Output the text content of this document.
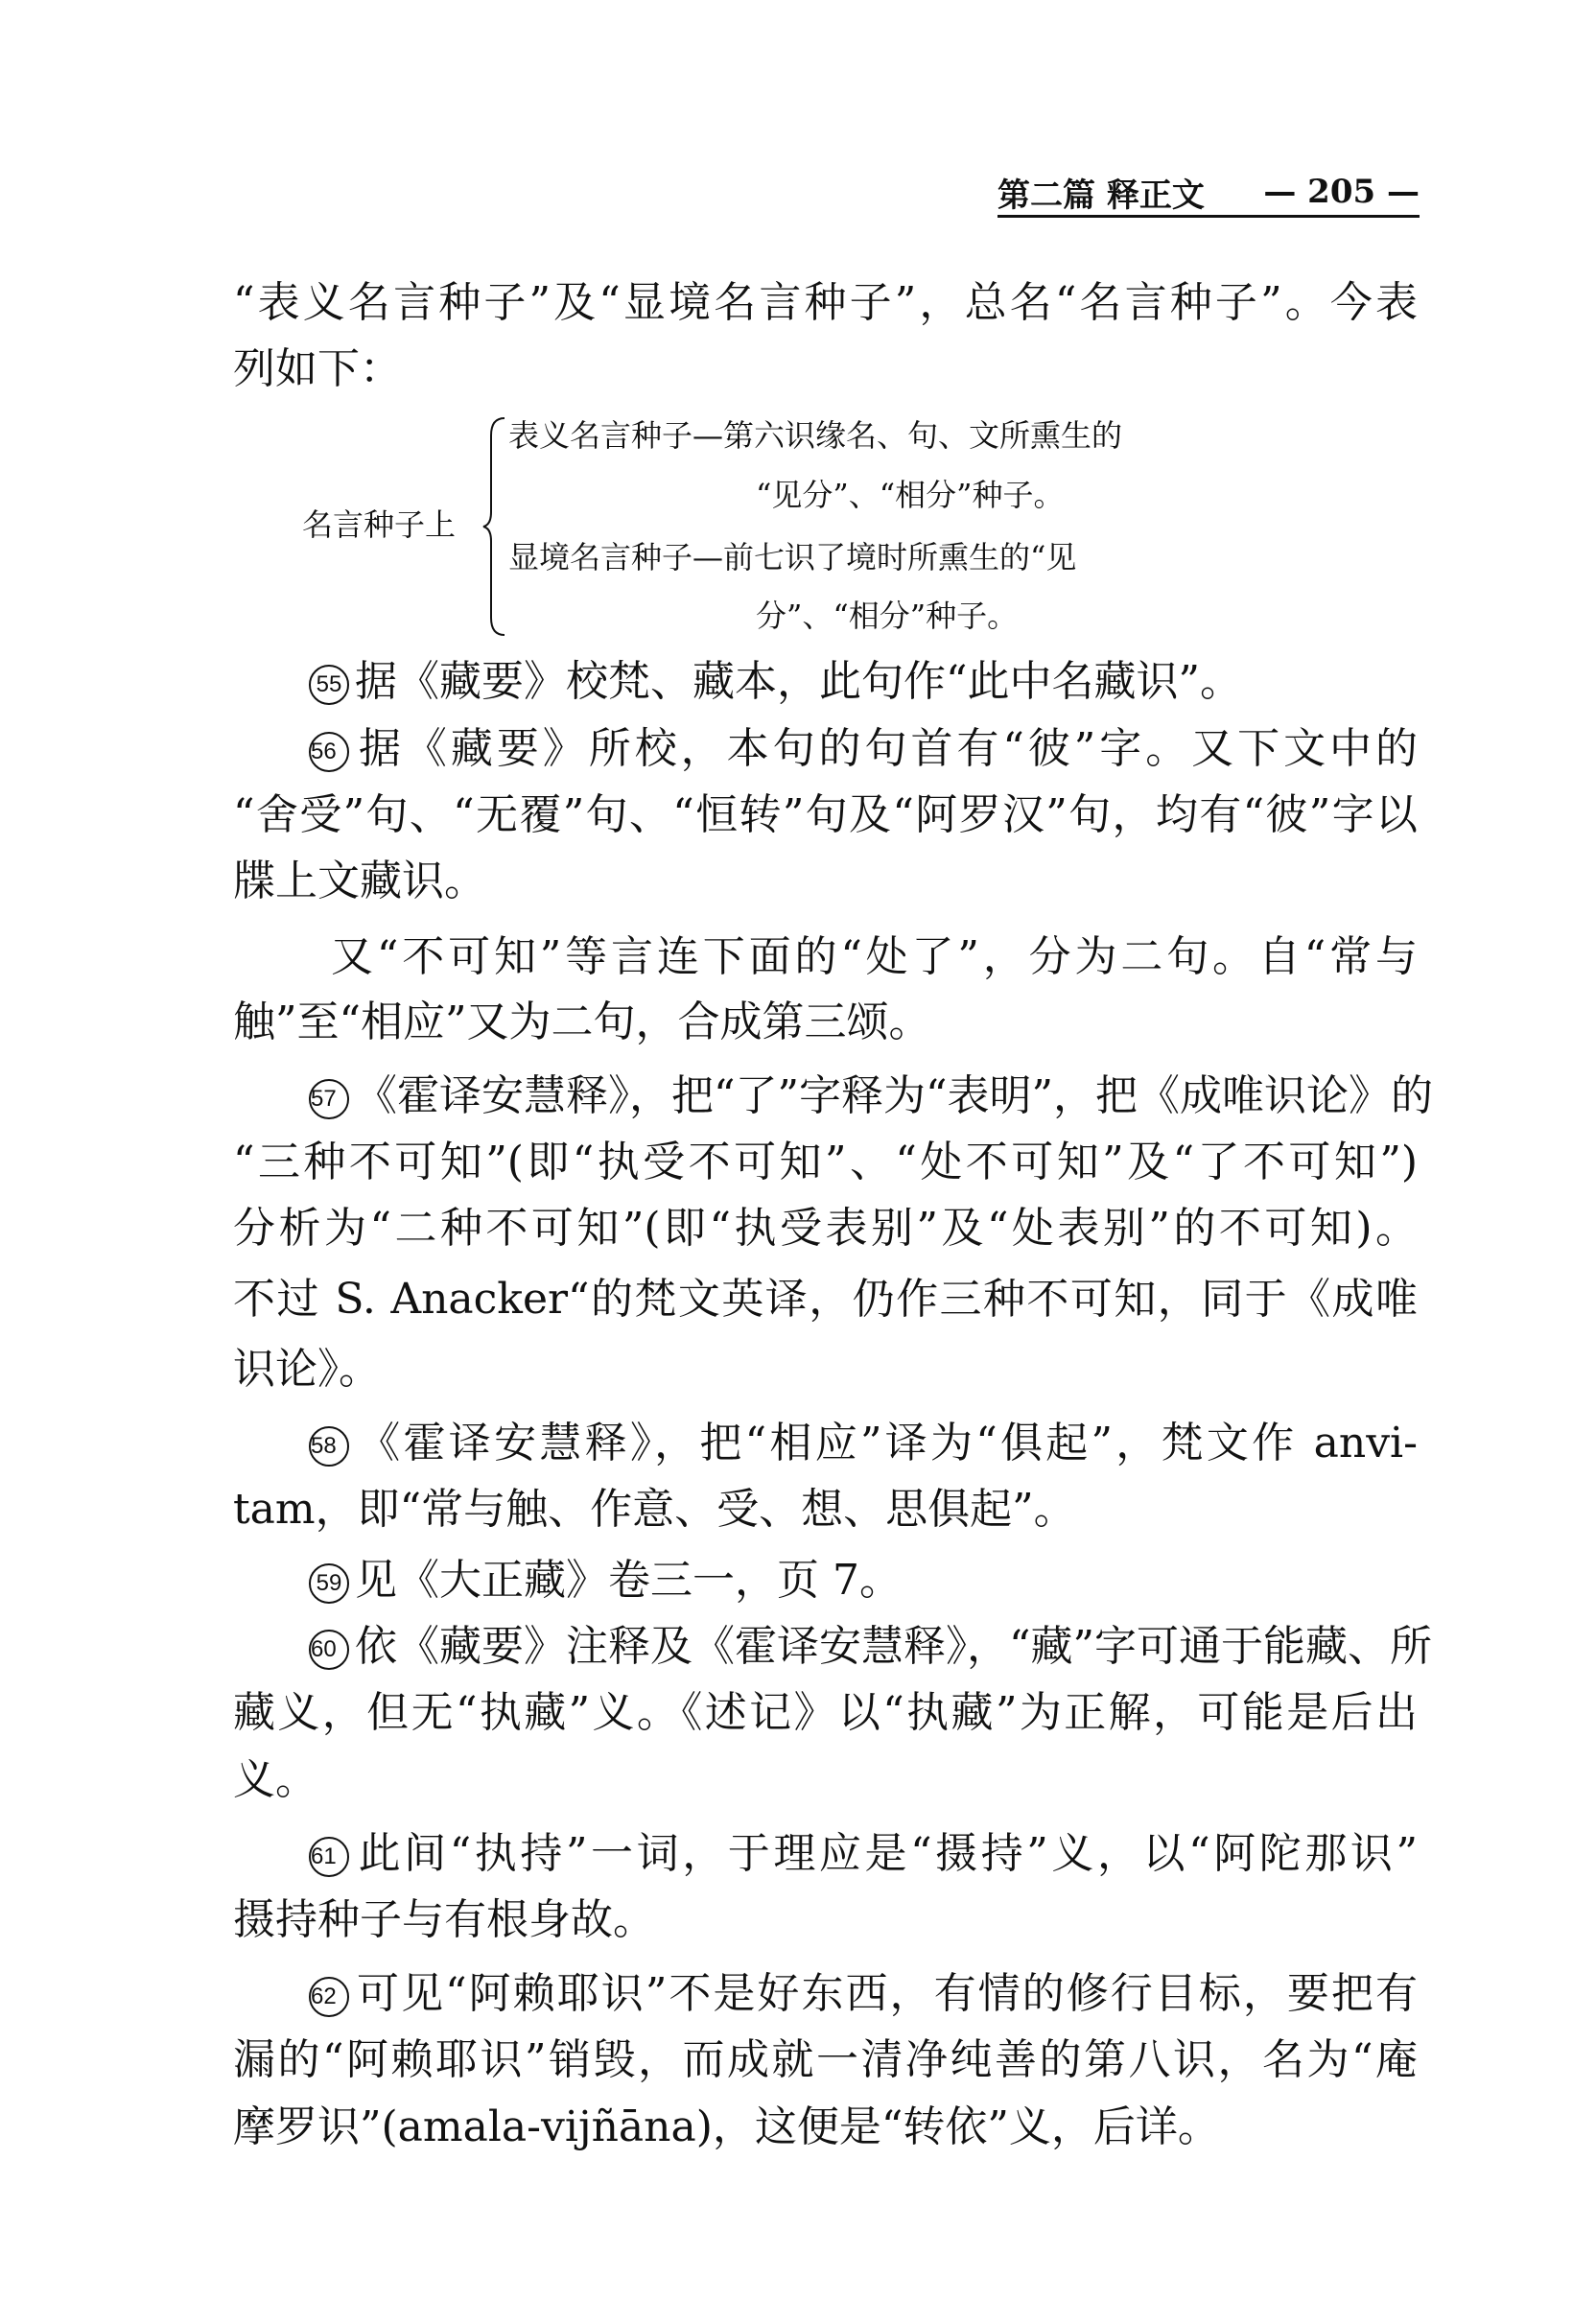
第二篇 释正文 — 205 —
“表义名言种子”及“显境名言种子”，总名“名言种子”。今表
列如下：
名言种子上
表义名言种子—第六识缘名、句、文所熏生的
“见分”、“相分”种子。
显境名言种子—前七识了境时所熏生的“见
分”、“相分”种子。
55 据《藏要》校梵、藏本，此句作“此中名藏识”。
56 据《藏要》所校，本句的句首有“彼”字。又下文中的
“舍受”句、“无覆”句、“恒转”句及“阿罗汉”句，均有“彼”字以
牒上文藏识。
又“不可知”等言连下面的“处了”，分为二句。自“常与
触”至“相应”又为二句，合成第三颂。
57 《霍译安慧释》，把“了”字释为“表明”，把《成唯识论》的
“三种不可知”(即“执受不可知”、“处不可知”及“了不可知”)
分析为“二种不可知”(即“执受表别”及“处表别”的不可知)。
不过 S. Anacker“的梵文英译，仍作三种不可知，同于《成唯
识论》。
58 《霍译安慧释》，把“相应”译为“俱起”，梵文作 anvi-
tam，即“常与触、作意、受、想、思俱起”。
59 见《大正藏》卷三一，页 7。
60 依《藏要》注释及《霍译安慧释》，“藏”字可通于能藏、所
藏义，但无“执藏”义。《述记》以“执藏”为正解，可能是后出
义。
61 此间“执持”一词，于理应是“摄持”义，以“阿陀那识”
摄持种子与有根身故。
62 可见“阿赖耶识”不是好东西，有情的修行目标，要把有
漏的“阿赖耶识”销毁，而成就一清净纯善的第八识，名为“庵
摩罗识”(amala-vijñāna)，这便是“转依”义，后详。
